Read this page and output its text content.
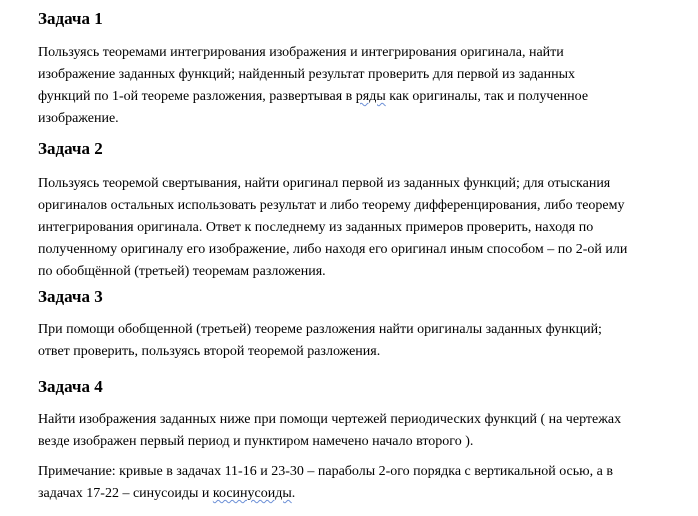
Задача 1
Пользуясь теоремами интегрирования изображения и интегрирования оригинала, найти
изображение заданных функций; найденный результат проверить для первой из заданных
функций по 1-ой теореме разложения, развертывая в ряды как оригиналы, так и полученное
изображение.
Задача 2
Пользуясь теоремой свертывания, найти оригинал первой из заданных функций; для отыскания
оригиналов остальных использовать результат и либо теорему дифференцирования, либо теорему
интегрирования оригинала. Ответ к последнему из заданных примеров проверить, находя по
полученному оригиналу его изображение, либо находя его оригинал иным способом – по 2-ой или
по обобщённой (третьей) теоремам разложения.
Задача 3
При помощи обобщенной (третьей) теореме разложения найти оригиналы заданных функций;
ответ проверить, пользуясь второй теоремой разложения.
Задача 4
Найти изображения заданных ниже при помощи чертежей периодических функций ( на чертежах
везде изображен первый период и пунктиром намечено начало второго ).
Примечание: кривые в задачах 11-16 и 23-30 – параболы 2-ого порядка с вертикальной осью, а в
задачах 17-22 – синусоиды и косинусоиды.
